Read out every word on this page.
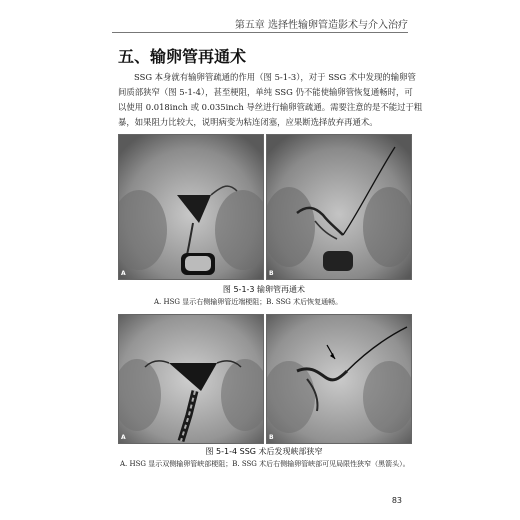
第五章 选择性输卵管造影术与介入治疗
五、输卵管再通术

SSG 本身就有输卵管疏通的作用（图 5-1-3），对于 SSG 术中发现的输卵管

间质部狭窄（图 5-1-4），甚至梗阻，单纯 SSG 仍不能使输卵管恢复通畅时，可

以使用 0.018inch 或 0.035inch 导丝进行输卵管疏通。需要注意的是不能过于粗

暴，如果阻力比较大，说明病变为粘连闭塞，应果断选择放弃再通术。

A	B
图 5-1-3 输卵管再通术
A. HSG 显示右侧输卵管近端梗阻；B. SSG 术后恢复通畅。
A	B
图 5-1-4 SSG 术后发现峡部狭窄
A. HSG 显示双侧输卵管峡部梗阻；B. SSG 术后右侧输卵管峡部可见局限性狭窄（黑箭头）。
83
